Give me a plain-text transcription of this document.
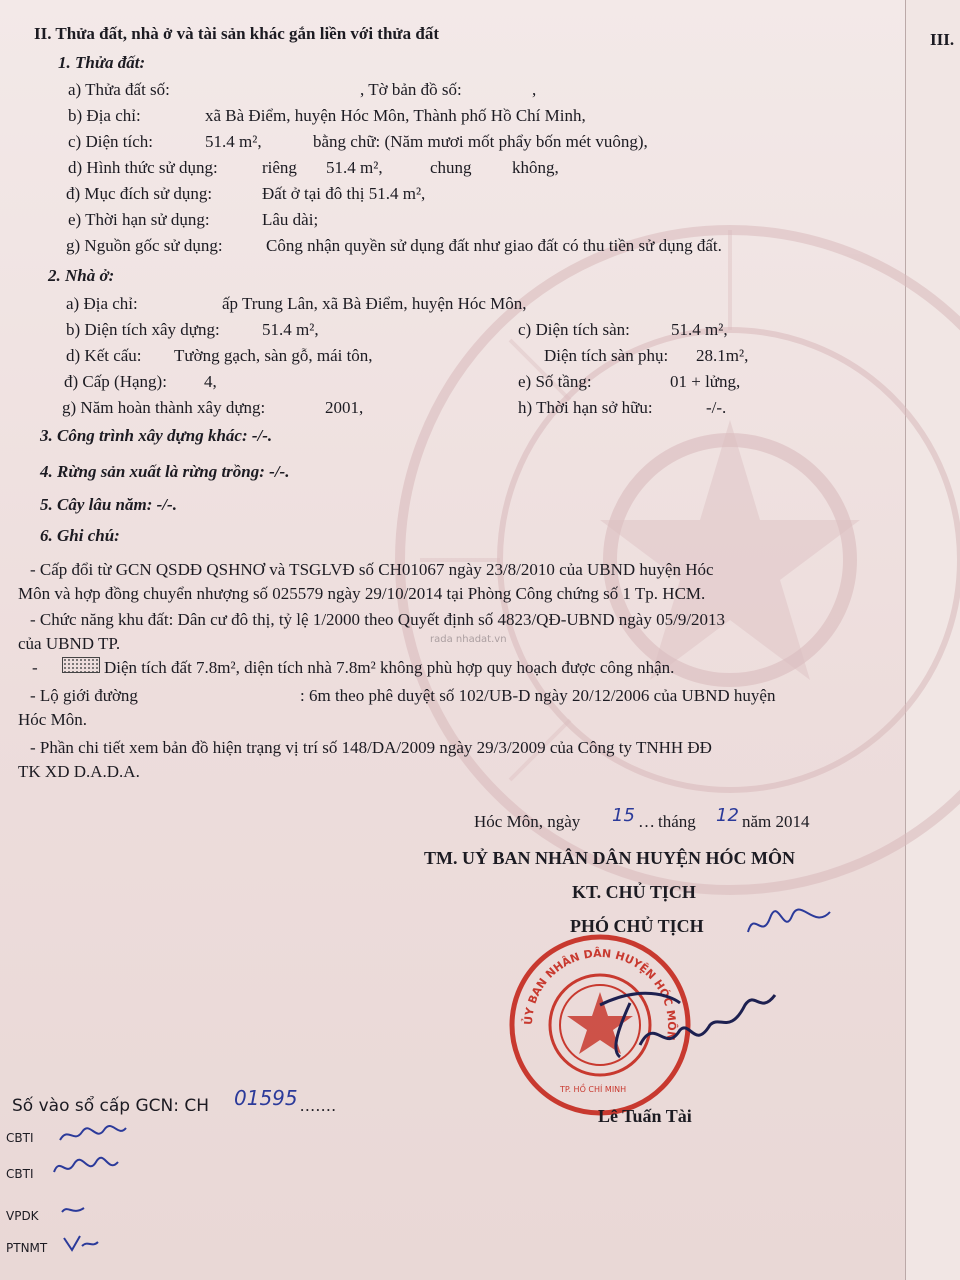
II. Thửa đất, nhà ở và tài sản khác gắn liền với thửa đất	III.
1. Thửa đất:
a) Thửa đất số:	, Tờ bản đồ số:	,
b) Địa chỉ:	xã Bà Điểm, huyện Hóc Môn, Thành phố Hồ Chí Minh,
c) Diện tích:	51.4 m²,	bằng chữ: (Năm mươi mốt phẩy bốn mét vuông),
d) Hình thức sử dụng:	riêng 51.4 m²,	chung không,
đ) Mục đích sử dụng:	Đất ở tại đô thị 51.4 m²,
e) Thời hạn sử dụng:	Lâu dài;
g) Nguồn gốc sử dụng:	Công nhận quyền sử dụng đất như giao đất có thu tiền sử dụng đất.
2. Nhà ở:
a) Địa chỉ:	ấp Trung Lân, xã Bà Điểm, huyện Hóc Môn,
b) Diện tích xây dựng: 51.4 m²,	c) Diện tích sàn: 51.4 m²,
d) Kết cấu: Tường gạch, sàn gỗ, mái tôn,	Diện tích sàn phụ: 28.1m²,
đ) Cấp (Hạng): 4,	e) Số tầng:	01 + lửng,
g) Năm hoàn thành xây dựng:	2001,	h) Thời hạn sở hữu:	-/-.
3. Công trình xây dựng khác: -/-.
4. Rừng sản xuất là rừng trồng: -/-.
5. Cây lâu năm: -/-.
6. Ghi chú:
- Cấp đổi từ GCN QSDĐ QSHNƠ và TSGLVĐ số CH01067 ngày 23/8/2010 của UBND huyện Hóc
Môn và hợp đồng chuyển nhượng số 025579 ngày 29/10/2014 tại Phòng Công chứng số 1 Tp. HCM.
- Chức năng khu đất: Dân cư đô thị, tỷ lệ 1/2000 theo Quyết định số 4823/QĐ-UBND ngày 05/9/2013
của UBND TP.
-	Diện tích đất 7.8m², diện tích nhà 7.8m² không phù hợp quy hoạch được công nhận.
- Lộ giới đường	: 6m theo phê duyệt số 102/UB-D ngày 20/12/2006 của UBND huyện
Hóc Môn.
- Phần chi tiết xem bản đồ hiện trạng vị trí số 148/DA/2009 ngày 29/3/2009 của Công ty TNHH ĐĐ
TK XD D.A.D.A.
rada nhadat.vn
Hóc Môn, ngày 15 … tháng 12 năm 2014
TM. UỶ BAN NHÂN DÂN HUYỆN HÓC MÔN
KT. CHỦ TỊCH
PHÓ CHỦ TỊCH
ỦY BAN NHÂN DÂN HUYỆN HÓC MÔN
TP. HỒ CHÍ MINH
Lê Tuấn Tài
Số vào sổ cấp GCN: CH 01595 .......
CBTI
CBTI
VPDK
PTNMT
